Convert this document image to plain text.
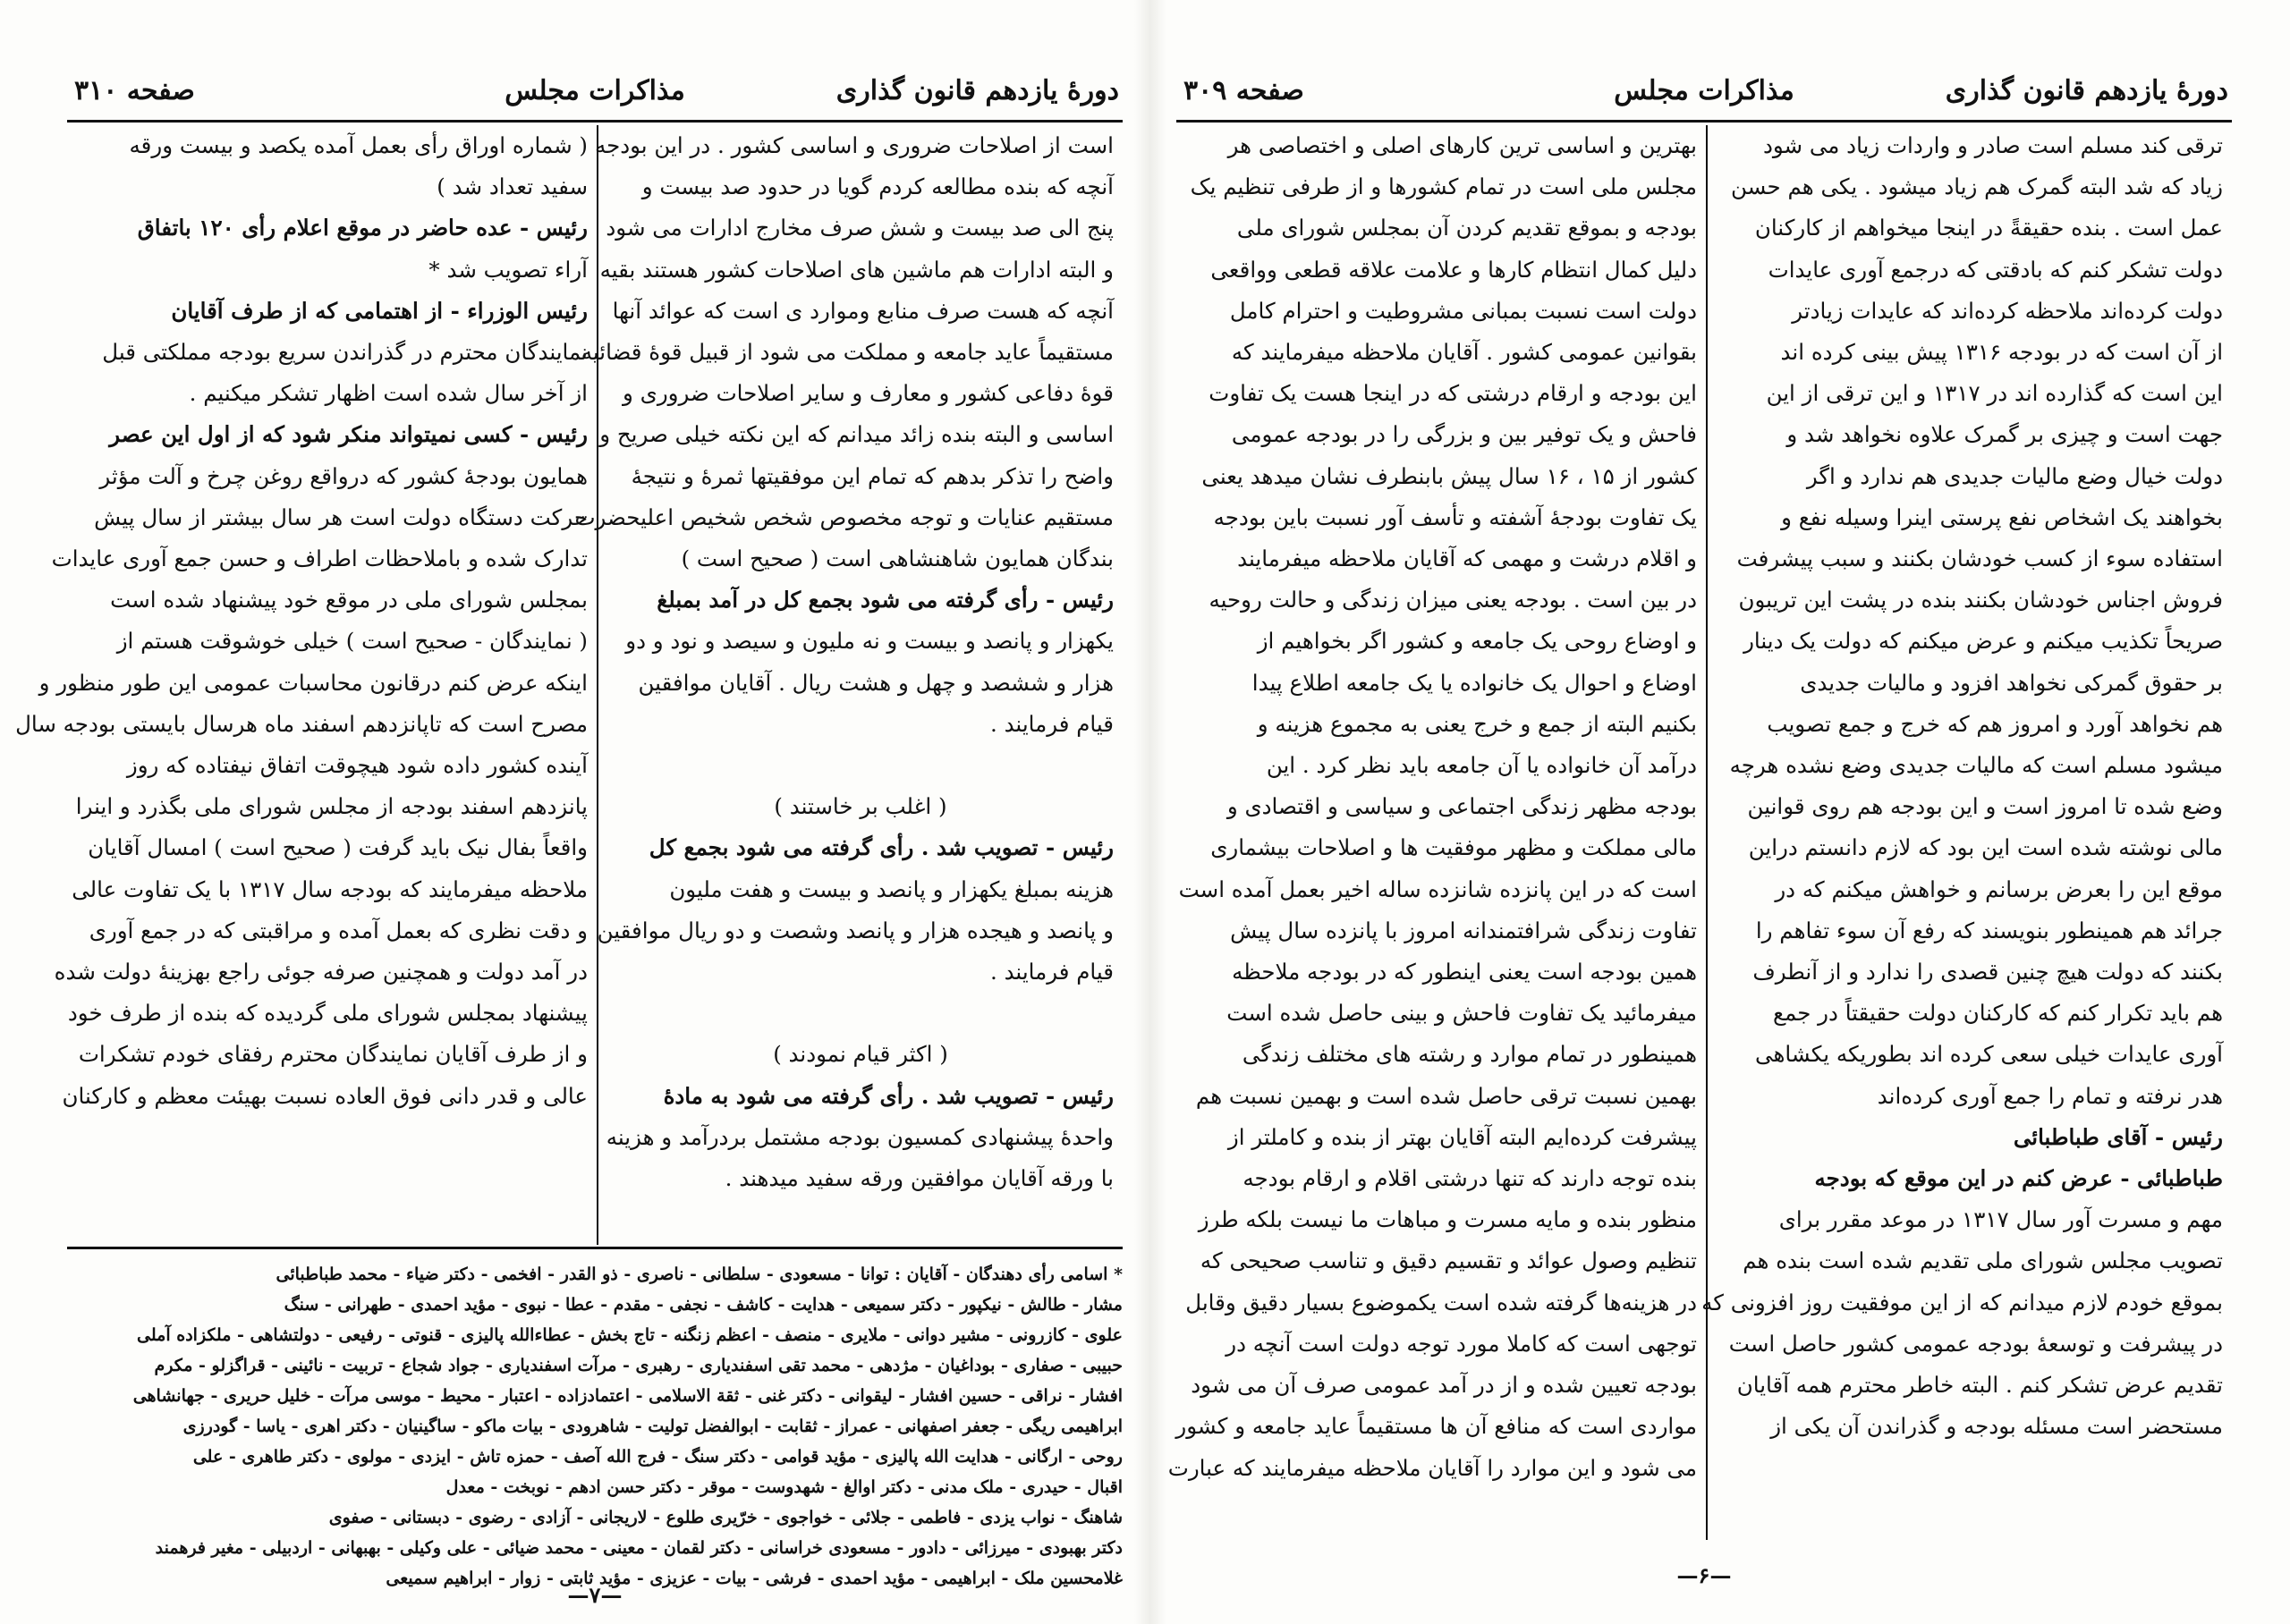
دورهٔ یازدهم قانون گذاری
مذاکرات مجلس
صفحه ۳۱۰
است از اصلاحات ضروری و اساسی کشور . در این بودجه
آنچه که بنده مطالعه کردم گویا در حدود صد بیست و
پنج الی صد بیست و شش صرف مخارج ادارات می شود
و البته ادارات هم ماشین های اصلاحات کشور هستند بقیه
آنچه که هست صرف منابع وموارد ی است که عوائد آنها
مستقیماً عاید جامعه و مملکت می شود از قبیل قوهٔ قضائیه
قوهٔ دفاعی کشور و معارف و سایر اصلاحات ضروری و
اساسی و البته بنده زائد میدانم که این نکته خیلی صریح و
واضح را تذکر بدهم که تمام این موفقیتها ثمرهٔ و نتیجهٔ
مستقیم عنایات و توجه مخصوص شخص شخیص اعلیحضرت
بندگان همایون شاهنشاهی است ( صحیح است )
رئیس - رأی گرفته می شود بجمع کل در آمد بمبلغ
یکهزار و پانصد و بیست و نه ملیون و سیصد و نود و دو
هزار و ششصد و چهل و هشت ریال . آقایان موافقین
قیام فرمایند .

( اغلب بر خاستند )
رئیس - تصویب شد . رأی گرفته می شود بجمع کل
هزینه بمبلغ یکهزار و پانصد و بیست و هفت ملیون
و پانصد و هیجده هزار و پانصد وشصت و دو ریال موافقین
قیام فرمایند .

( اکثر قیام نمودند )
رئیس - تصویب شد . رأی گرفته می شود به مادهٔ
واحدهٔ پیشنهادی کمسیون بودجه مشتمل بردرآمد و هزینه
با ورقه آقایان موافقین ورقه سفید میدهند .
( شماره اوراق رأی بعمل آمده یکصد و بیست ورقه
سفید تعداد شد )
رئیس - عده حاضر در موقع اعلام رأی ۱۲۰ باتفاق
آراء تصویب شد *
رئیس الوزراء - از اهتمامی که از طرف آقایان
نمایندگان محترم در گذراندن سریع بودجه مملکتی قبل
از آخر سال شده است اظهار تشکر میکنیم .
رئیس - کسی نمیتواند منکر شود که از اول این عصر
همایون بودجهٔ کشور که درواقع روغن چرخ و آلت مؤثر
حرکت دستگاه دولت است هر سال بیشتر از سال پیش
تدارک شده و باملاحظات اطراف و حسن جمع آوری عایدات
بمجلس شورای ملی در موقع خود پیشنهاد شده است
( نمایندگان - صحیح است ) خیلی خوشوقت هستم از
اینکه عرض کنم درقانون محاسبات عمومی این طور منظور و
مصرح است که تاپانزدهم اسفند ماه هرسال بایستی بودجه سال
آینده کشور داده شود هیچوقت اتفاق نیفتاده که روز
پانزدهم اسفند بودجه از مجلس شورای ملی بگذرد و اینرا
واقعاً بفال نیک باید گرفت ( صحیح است ) امسال آقایان
ملاحظه میفرمایند که بودجه سال ۱۳۱۷ با یک تفاوت عالی
و دقت نظری که بعمل آمده و مراقبتی که در جمع آوری
در آمد دولت و همچنین صرفه جوئی راجع بهزینهٔ دولت شده
پیشنهاد بمجلس شورای ملی گردیده که بنده از طرف خود
و از طرف آقایان نمایندگان محترم رفقای خودم تشکرات
عالی و قدر دانی فوق العاده نسبت بهیئت معظم و کارکنان
* اسامی رأی دهندگان - آقایان : توانا - مسعودی - سلطانی - ناصری - ذو القدر - افخمی - دکتر ضیاء - محمد طباطبائی
مشار - طالش - نیکپور - دکتر سمیعی - هدایت - کاشف - نجفی - مقدم - عطا - نبوی - مؤید احمدی - طهرانی - سنگ
علوی - کازرونی - مشیر دوانی - ملایری - منصف - اعظم زنگنه - تاج بخش - عطاءالله پالیزی - قنوتی - رفیعی - دولتشاهی - ملکزاده آملی
حبیبی - صفاری - بوداغیان - مژدهی - محمد تقی اسفندیاری - رهبری - مرآت اسفندیاری - جواد شجاع - تربیت - نائینی - قراگزلو - مکرم
افشار - نراقی - حسین افشار - لیقوانی - دکتر غنی - ثقة الاسلامی - اعتمادزاده - اعتبار - محیط - موسی مرآت - خلیل حریری - جهانشاهی
ابراهیمی ریگی - جعفر اصفهانی - عمراز - ثقابت - ابوالفضل تولیت - شاهرودی - بیات ماکو - ساگینیان - دکتر اهری - یاسا - گودرزی
روحی - ارگانی - هدایت الله پالیزی - مؤید قوامی - دکتر سنگ - فرج الله آصف - حمزه تاش - ایزدی - مولوی - دکتر طاهری - علی
اقبال - حیدری - ملک مدنی - دکتر اوالغ - شهدوست - موقر - دکتر حسن ادهم - نوبخت - معدل
شاهنگ - نواب یزدی - فاطمی - جلائی - خواجوی - خرّیری طلوع - لاریجانی - آزادی - رضوی - دبستانی - صفوی
دکتر بهبودی - میرزائی - دادور - مسعودی خراسانی - دکتر لقمان - معینی - محمد ضیائی - علی وکیلی - بهبهانی - اردبیلی - مغیر فرهمند
غلامحسین ملک - ابراهیمی - مؤید احمدی - فرشی - بیات - عزیزی - مؤید ثابتی - زوار - ابراهیم سمیعی
—۷—
دورهٔ یازدهم قانون گذاری
مذاکرات مجلس
صفحه ۳۰۹
ترقی کند مسلم است صادر و واردات زیاد می شود
زیاد که شد البته گمرک هم زیاد میشود . یکی هم حسن
عمل است . بنده حقیقةً در اینجا میخواهم از کارکنان
دولت تشکر کنم که بادقتی که درجمع آوری عایدات
دولت کرده‌اند ملاحظه کرده‌اند که عایدات زیادتر
از آن است که در بودجه ۱۳۱۶ پیش بینی کرده اند
این است که گذارده اند در ۱۳۱۷ و این ترقی از این
جهت است و چیزی بر گمرک علاوه نخواهد شد و
دولت خیال وضع مالیات جدیدی هم ندارد و اگر
بخواهند یک اشخاص نفع پرستی اینرا وسیله نفع و
استفاده سوء از کسب خودشان بکنند و سبب پیشرفت
فروش اجناس خودشان بکنند بنده در پشت این تریبون
صریحاً تکذیب میکنم و عرض میکنم که دولت یک دینار
بر حقوق گمرکی نخواهد افزود و مالیات جدیدی
هم نخواهد آورد و امروز هم که خرج و جمع تصویب
میشود مسلم است که مالیات جدیدی وضع نشده هرچه
وضع شده تا امروز است و این بودجه هم روی قوانین
مالی نوشته شده است این بود که لازم دانستم دراین
موقع این را بعرض برسانم و خواهش میکنم که در
جرائد هم همینطور بنویسند که رفع آن سوء تفاهم را
بکنند که دولت هیچ چنین قصدی را ندارد و از آنطرف
هم باید تکرار کنم که کارکنان دولت حقیقتاً در جمع
آوری عایدات خیلی سعی کرده اند بطوریکه یکشاهی
هدر نرفته و تمام را جمع آوری کرده‌اند
رئیس - آقای طباطبائی
طباطبائی - عرض کنم در این موقع که بودجه
مهم و مسرت آور سال ۱۳۱۷ در موعد مقرر برای
تصویب مجلس شورای ملی تقدیم شده است بنده هم
بموقع خودم لازم میدانم که از این موفقیت روز افزونی که
در پیشرفت و توسعهٔ بودجه عمومی کشور حاصل است
تقدیم عرض تشکر کنم . البته خاطر محترم همه آقایان
مستحضر است مسئله بودجه و گذراندن آن یکی از
بهترین و اساسی ترین کارهای اصلی و اختصاصی هر
مجلس ملی است در تمام کشورها و از طرفی تنظیم یک
بودجه و بموقع تقدیم کردن آن بمجلس شورای ملی
دلیل کمال انتظام کارها و علامت علاقه قطعی وواقعی
دولت است نسبت بمبانی مشروطیت و احترام کامل
بقوانین عمومی کشور . آقایان ملاحظه میفرمایند که
این بودجه و ارقام درشتی که در اینجا هست یک تفاوت
فاحش و یک توفیر بین و بزرگی را در بودجه عمومی
کشور از ۱۵ ، ۱۶ سال پیش بابنطرف نشان میدهد یعنی
یک تفاوت بودجهٔ آشفته و تأسف آور نسبت باین بودجه
و اقلام درشت و مهمی که آقایان ملاحظه میفرمایند
در بین است . بودجه یعنی میزان زندگی و حالت روحیه
و اوضاع روحی یک جامعه و کشور اگر بخواهیم از
اوضاع و احوال یک خانواده یا یک جامعه اطلاع پیدا
بکنیم البته از جمع و خرج یعنی به مجموع هزینه و
درآمد آن خانواده یا آن جامعه باید نظر کرد . این
بودجه مظهر زندگی اجتماعی و سیاسی و اقتصادی و
مالی مملکت و مظهر موفقیت ها و اصلاحات بیشماری
است که در این پانزده شانزده ساله اخیر بعمل آمده است
تفاوت زندگی شرافتمندانه امروز با پانزده سال پیش
همین بودجه است یعنی اینطور که در بودجه ملاحظه
میفرمائید یک تفاوت فاحش و بینی حاصل شده است
همینطور در تمام موارد و رشته های مختلف زندگی
بهمین نسبت ترقی حاصل شده است و بهمین نسبت هم
پیشرفت کرده‌ایم البته آقایان بهتر از بنده و کاملتر از
بنده توجه دارند که تنها درشتی اقلام و ارقام بودجه
منظور بنده و مایه مسرت و مباهات ما نیست بلکه طرز
تنظیم وصول عوائد و تقسیم دقیق و تناسب صحیحی که
در هزینه‌ها گرفته شده است یکموضوع بسیار دقیق وقابل
توجهی است که کاملا مورد توجه دولت است آنچه در
بودجه تعیین شده و از در آمد عمومی صرف آن می شود
مواردی است که منافع آن ها مستقیماً عاید جامعه و کشور
می شود و این موارد را آقایان ملاحظه میفرمایند که عبارت
—۶—
